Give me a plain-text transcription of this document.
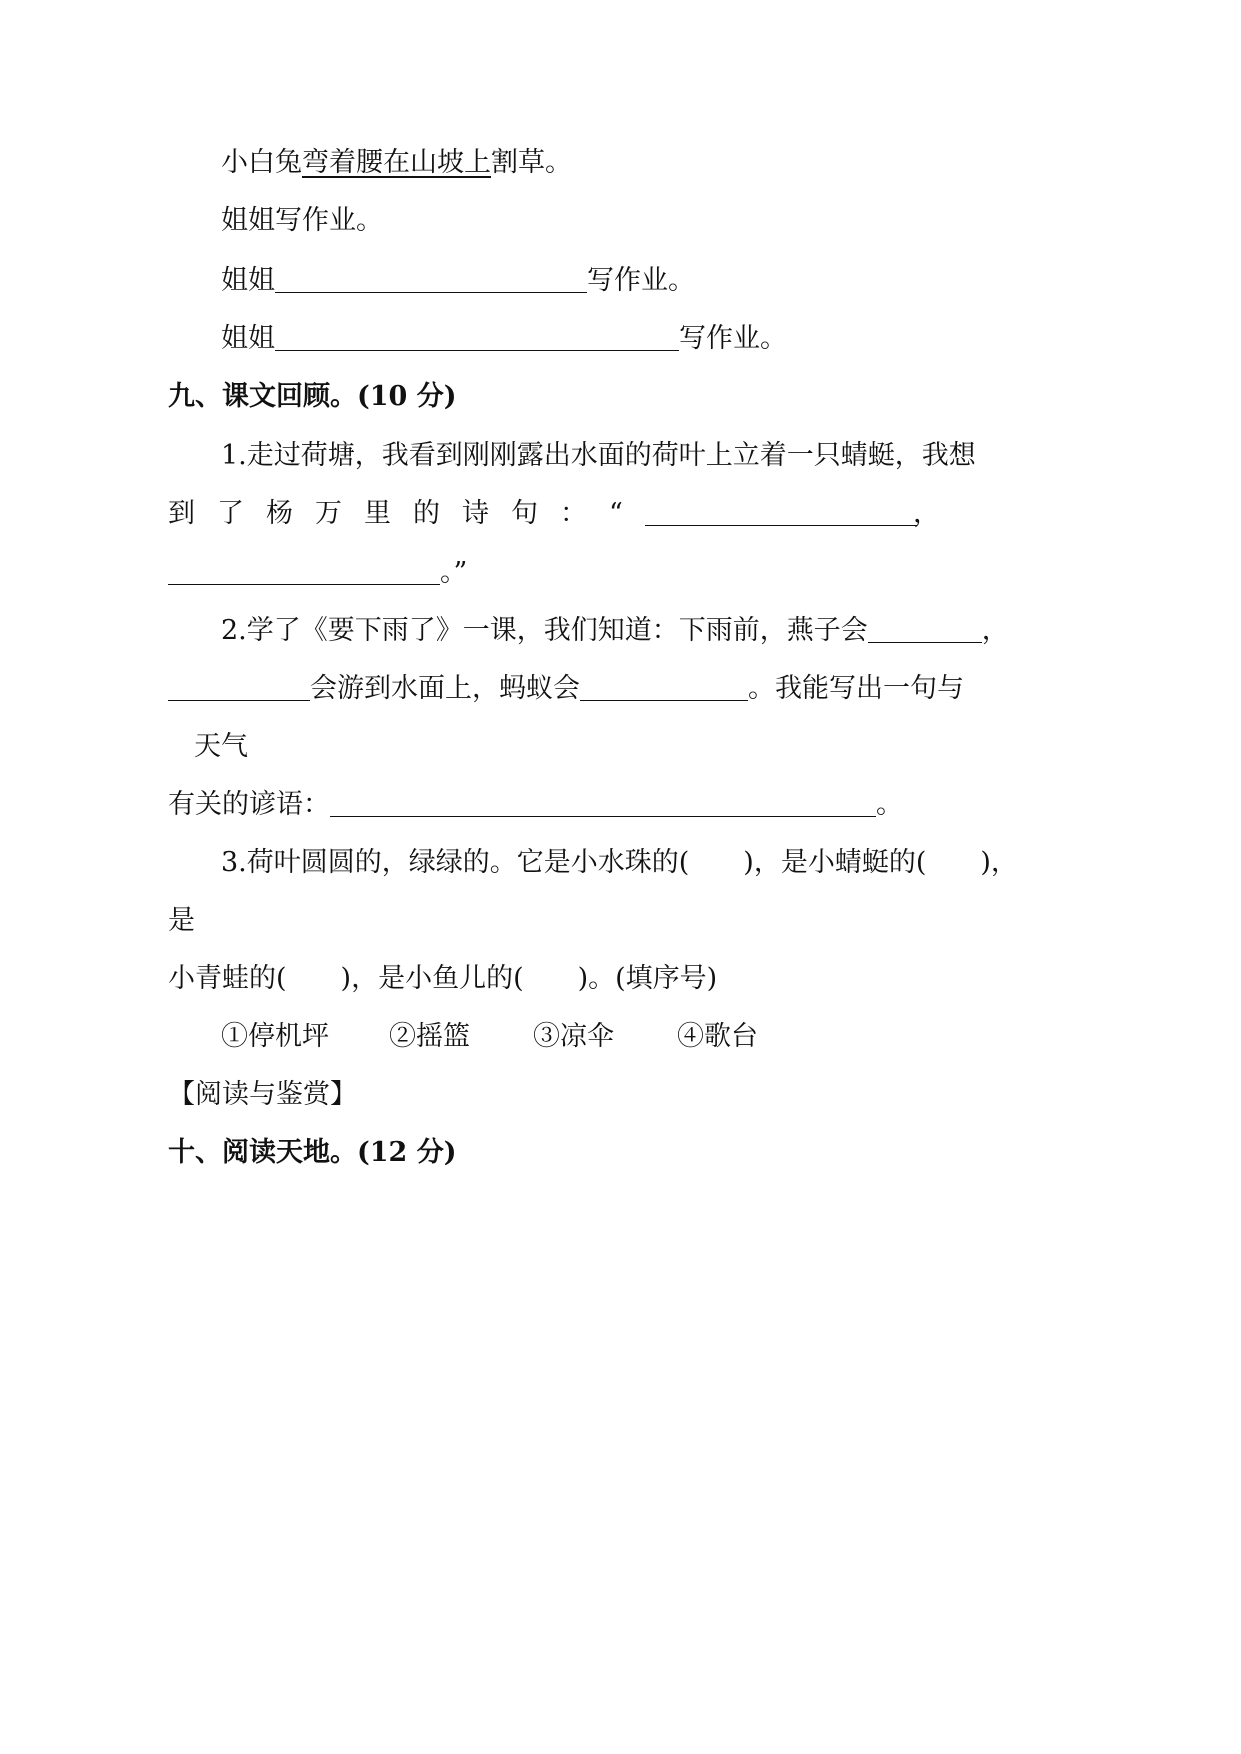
小白兔弯着腰在山坡上割草。
姐姐写作业。
姐姐	写作业。
姐姐	写作业。
九、课文回顾。(10 分)
1.走过荷塘，我看到刚刚露出水面的荷叶上立着一只蜻蜓，我想
到了杨万里的诗句：“	，
。”
2.学了《要下雨了》一课，我们知道：下雨前，燕子会	，
会游到水面上，蚂蚁会	。我能写出一句与
天气
有关的谚语：	。
3.荷叶圆圆的，绿绿的。它是小水珠的(　　)，是小蜻蜓的(　　)，
是
小青蛙的(　　)，是小鱼儿的(　　)。(填序号)
①停机坪 ②摇篮 ③凉伞 ④歌台
【阅读与鉴赏】
十、阅读天地。(12 分)
